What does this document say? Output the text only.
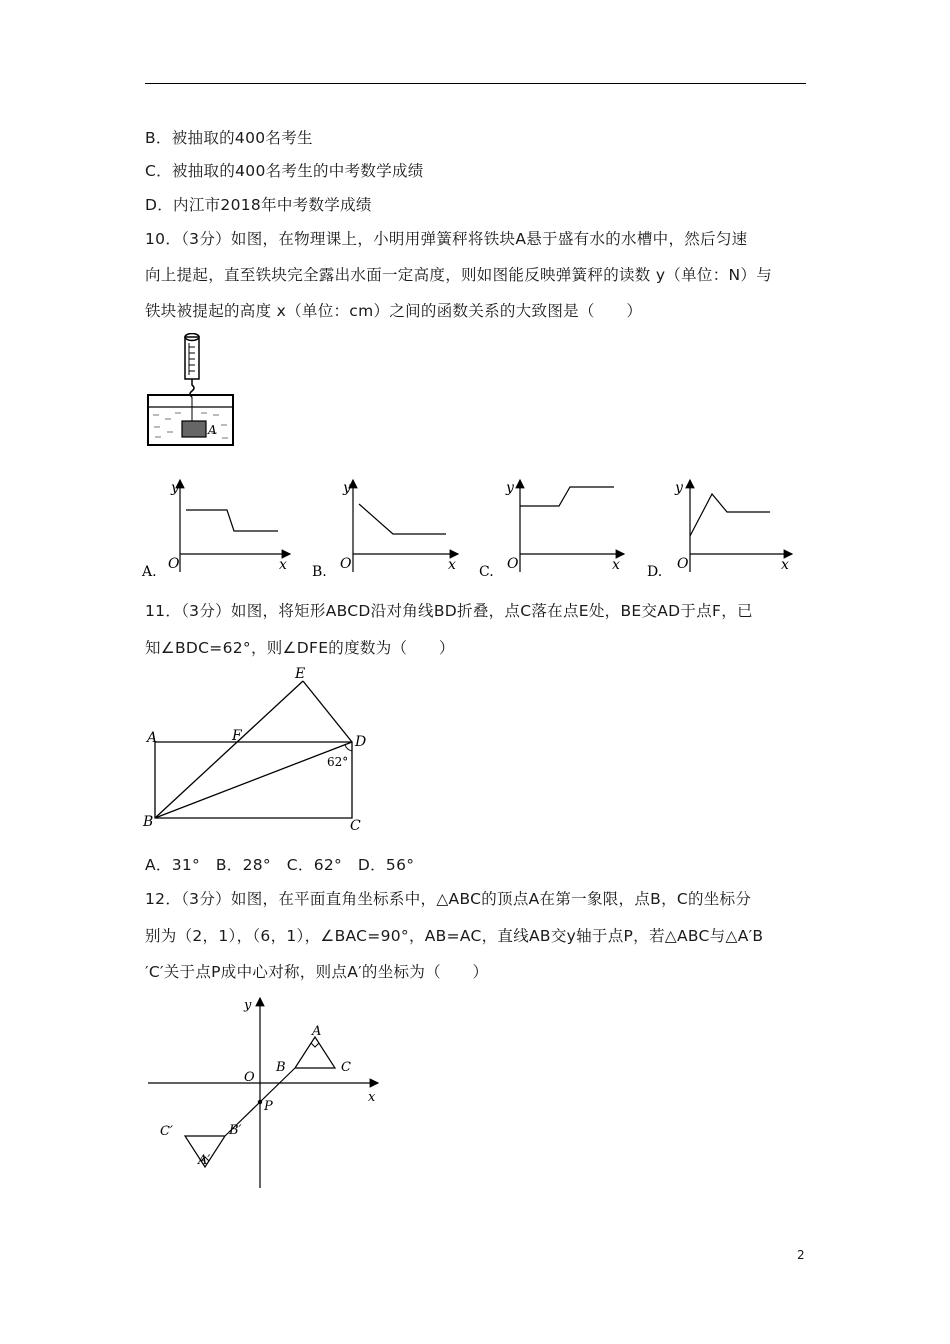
B．被抽取的400名考生
C．被抽取的400名考生的中考数学成绩
D．内江市2018年中考数学成绩
10．（3分）如图，在物理课上，小明用弹簧秤将铁块A悬于盛有水的水槽中，然后匀速
向上提起，直至铁块完全露出水面一定高度，则如图能反映弹簧秤的读数 y（单位：N）与
铁块被提起的高度 x（单位：cm）之间的函数关系的大致图是（　　）
A
A.
y
x
O	B.
y
x
O	C.
y
x
O	D.
y
x
O
11．（3分）如图，将矩形ABCD沿对角线BD折叠，点C落在点E处，BE交AD于点F，已
知∠BDC=62°，则∠DFE的度数为（　　）
A
B	C
D
E
F
62°
A．31°　B．28°　C．62°　D．56°
12．（3分）如图，在平面直角坐标系中，△ABC的顶点A在第一象限，点B，C的坐标分
别为（2，1），（6，1），∠BAC=90°，AB=AC，直线AB交y轴于点P，若△ABC与△A′B
′C′关于点P成中心对称，则点A′的坐标为（　　）
A
B	C
O
P
A′
B′
C′
x
y
2
